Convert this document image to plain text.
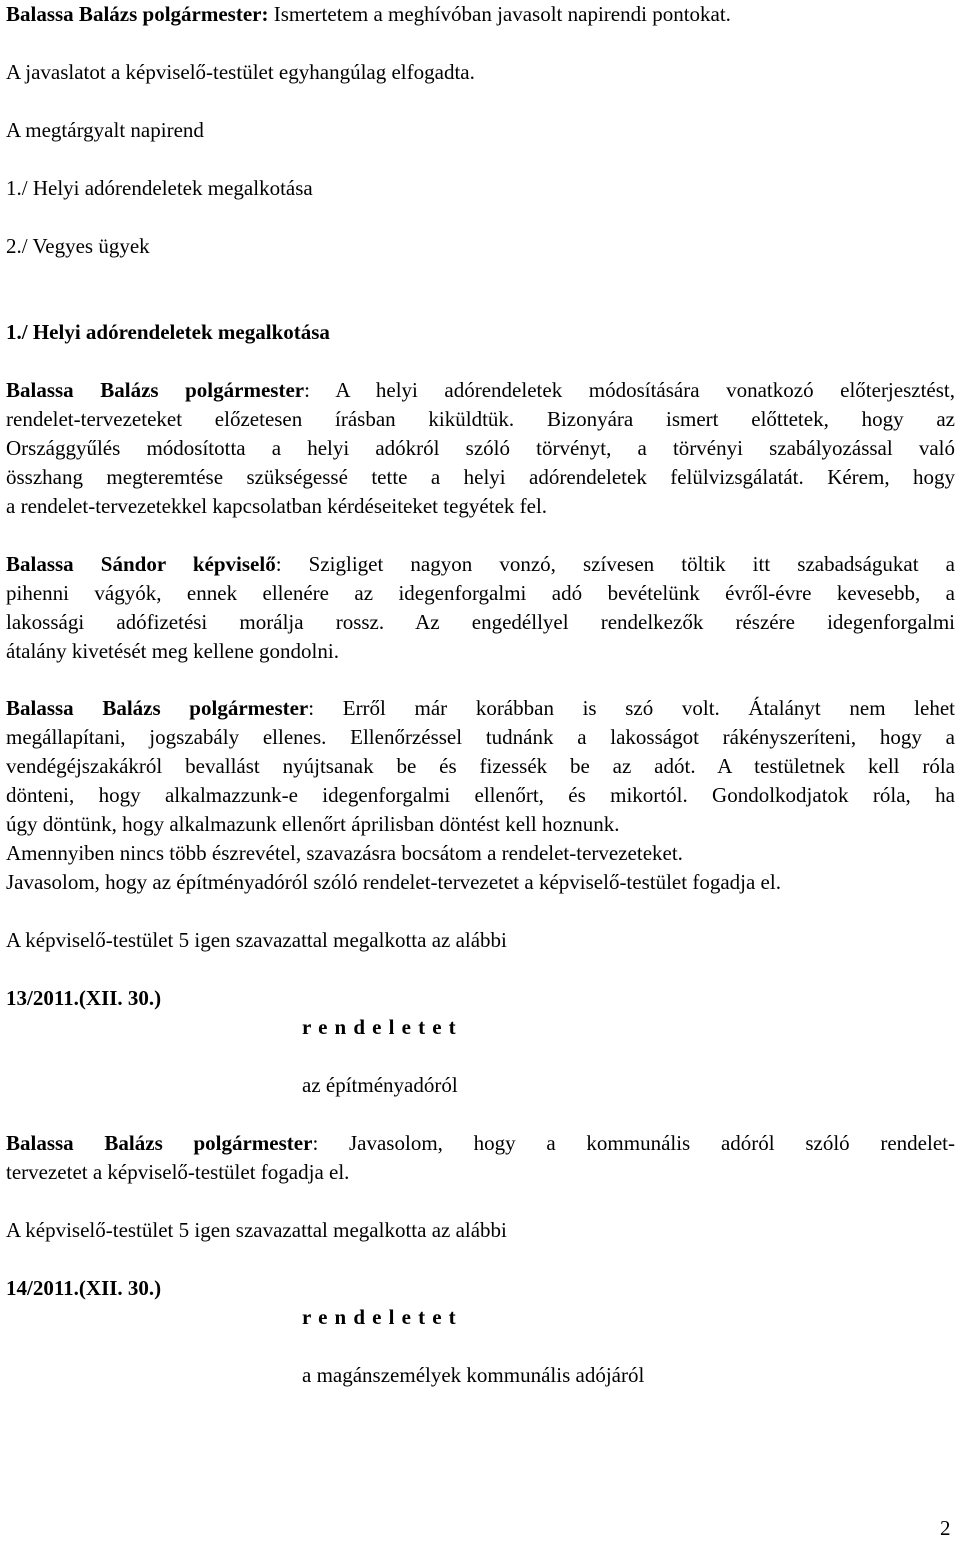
Balassa Balázs polgármester: Ismertetem a meghívóban javasolt napirendi pontokat.
A javaslatot a képviselő-testület egyhangúlag elfogadta.
A megtárgyalt napirend
1./ Helyi adórendeletek megalkotása
2./ Vegyes ügyek
1./ Helyi adórendeletek megalkotása
Balassa Balázs polgármester: A helyi adórendeletek módosítására vonatkozó előterjesztést,
rendelet-tervezeteket előzetesen írásban kiküldtük. Bizonyára ismert előttetek, hogy az
Országgyűlés módosította a helyi adókról szóló törvényt, a törvényi szabályozással való
összhang megteremtése szükségessé tette a helyi adórendeletek felülvizsgálatát. Kérem, hogy
a rendelet-tervezetekkel kapcsolatban kérdéseiteket tegyétek fel.
Balassa Sándor képviselő: Szigliget nagyon vonzó, szívesen töltik itt szabadságukat a
pihenni vágyók, ennek ellenére az idegenforgalmi adó bevételünk évről-évre kevesebb, a
lakossági adófizetési morálja rossz. Az engedéllyel rendelkezők részére idegenforgalmi
átalány kivetését meg kellene gondolni.
Balassa Balázs polgármester: Erről már korábban is szó volt. Átalányt nem lehet
megállapítani, jogszabály ellenes. Ellenőrzéssel tudnánk a lakosságot rákényszeríteni, hogy a
vendégéjszakákról bevallást nyújtsanak be és fizessék be az adót. A testületnek kell róla
dönteni, hogy alkalmazzunk-e idegenforgalmi ellenőrt, és mikortól. Gondolkodjatok róla, ha
úgy döntünk, hogy alkalmazunk ellenőrt áprilisban döntést kell hoznunk.
Amennyiben nincs több észrevétel, szavazásra bocsátom a rendelet-tervezeteket.
Javasolom, hogy az építményadóról szóló rendelet-tervezetet a képviselő-testület fogadja el.
A képviselő-testület 5 igen szavazattal megalkotta az alábbi
13/2011.(XII. 30.)
rendeletet
az építményadóról
Balassa Balázs polgármester: Javasolom, hogy a kommunális adóról szóló rendelet-
tervezetet a képviselő-testület fogadja el.
A képviselő-testület 5 igen szavazattal megalkotta az alábbi
14/2011.(XII. 30.)
rendeletet
a magánszemélyek kommunális adójáról
2
